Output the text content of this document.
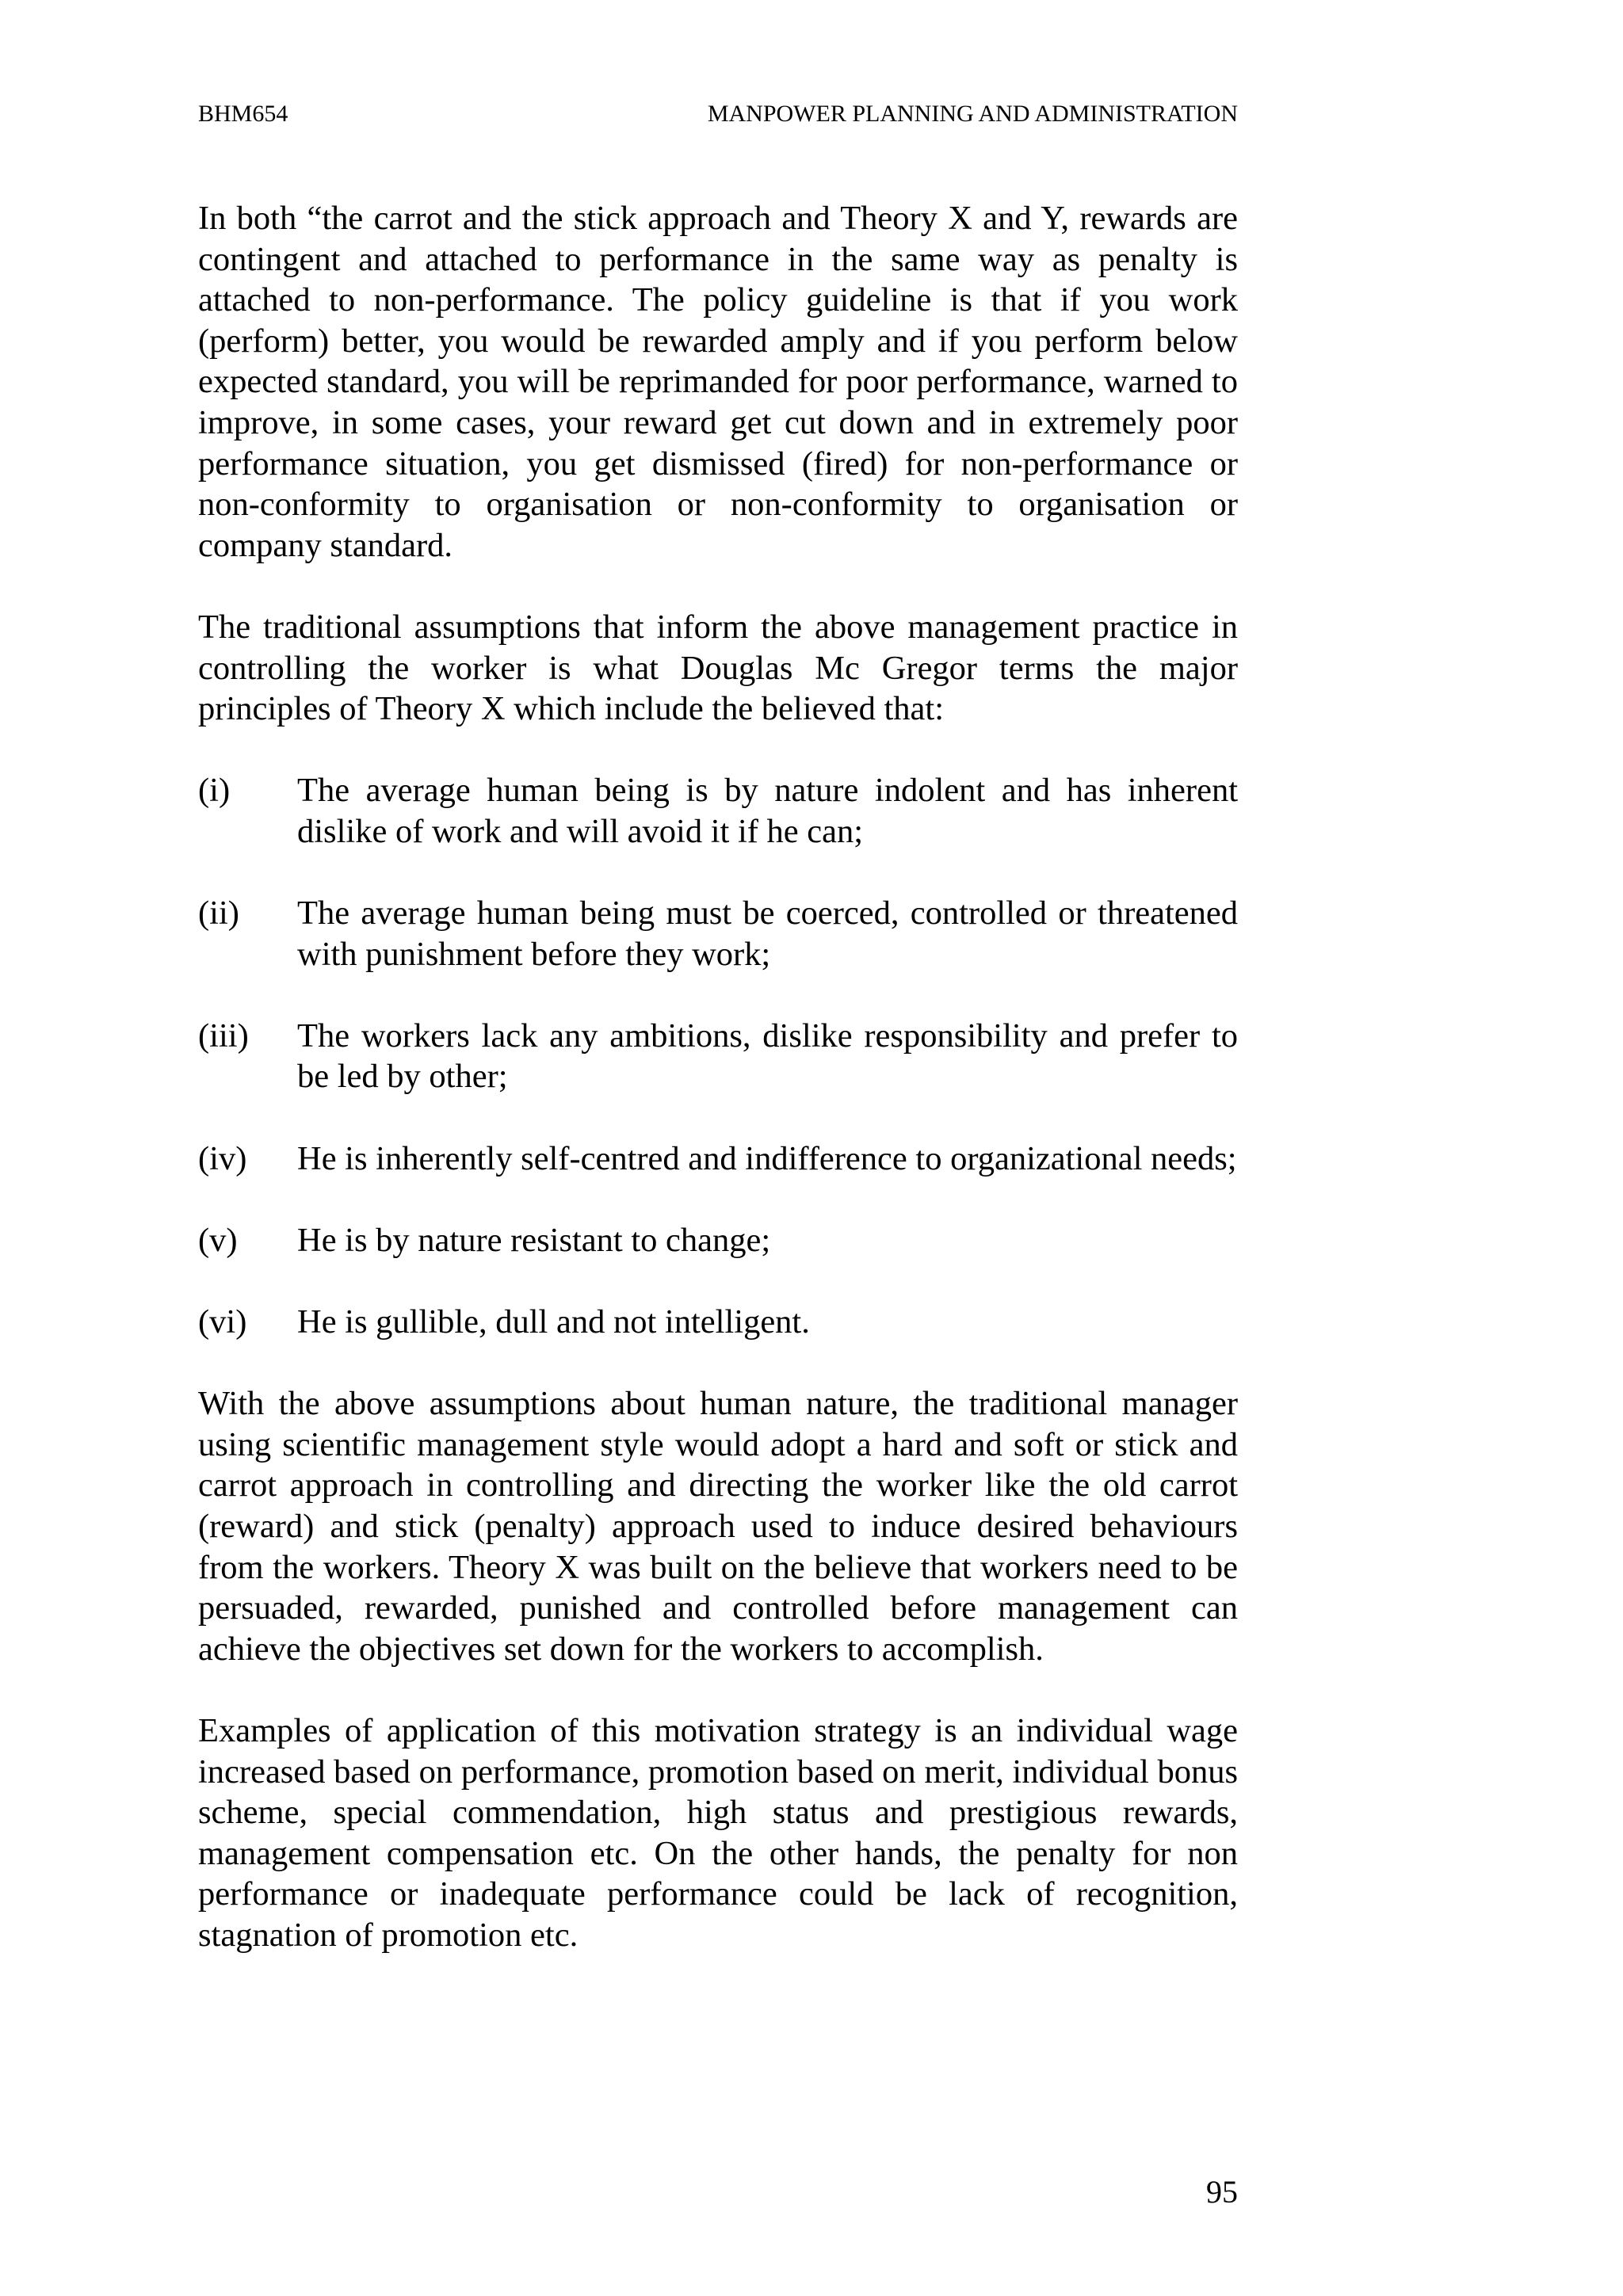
BHM654	MANPOWER PLANNING AND ADMINISTRATION

In both “the carrot and the stick approach and Theory X and Y, rewards are contingent and attached to performance in the same way as penalty is attached to non-performance. The policy guideline is that if you work (perform) better, you would be rewarded amply and if you perform below expected standard, you will be reprimanded for poor performance, warned to improve, in some cases, your reward get cut down and in extremely poor performance situation, you get dismissed (fired) for non-performance or non-conformity to organisation or non-conformity to organisation or company standard.

The traditional assumptions that inform the above management practice in controlling the worker is what Douglas Mc Gregor terms the major principles of Theory X which include the believed that:

(i)	The average human being is by nature indolent and has inherent dislike of work and will avoid it if he can;
(ii)	The average human being must be coerced, controlled or threatened with punishment before they work;
(iii)	The workers lack any ambitions, dislike responsibility and prefer to be led by other;
(iv)	He is inherently self-centred and indifference to organizational needs;
(v)	He is by nature resistant to change;
(vi)	He is gullible, dull and not intelligent.

With the above assumptions about human nature, the traditional manager using scientific management style would adopt a hard and soft or stick and carrot approach in controlling and directing the worker like the old carrot (reward) and stick (penalty) approach used to induce desired behaviours from the workers. Theory X was built on the believe that workers need to be persuaded, rewarded, punished and controlled before management can achieve the objectives set down for the workers to accomplish.

Examples of application of this motivation strategy is an individual wage increased based on performance, promotion based on merit, individual bonus scheme, special commendation, high status and prestigious rewards, management compensation etc. On the other hands, the penalty for non performance or inadequate performance could be lack of recognition, stagnation of promotion etc.

95
